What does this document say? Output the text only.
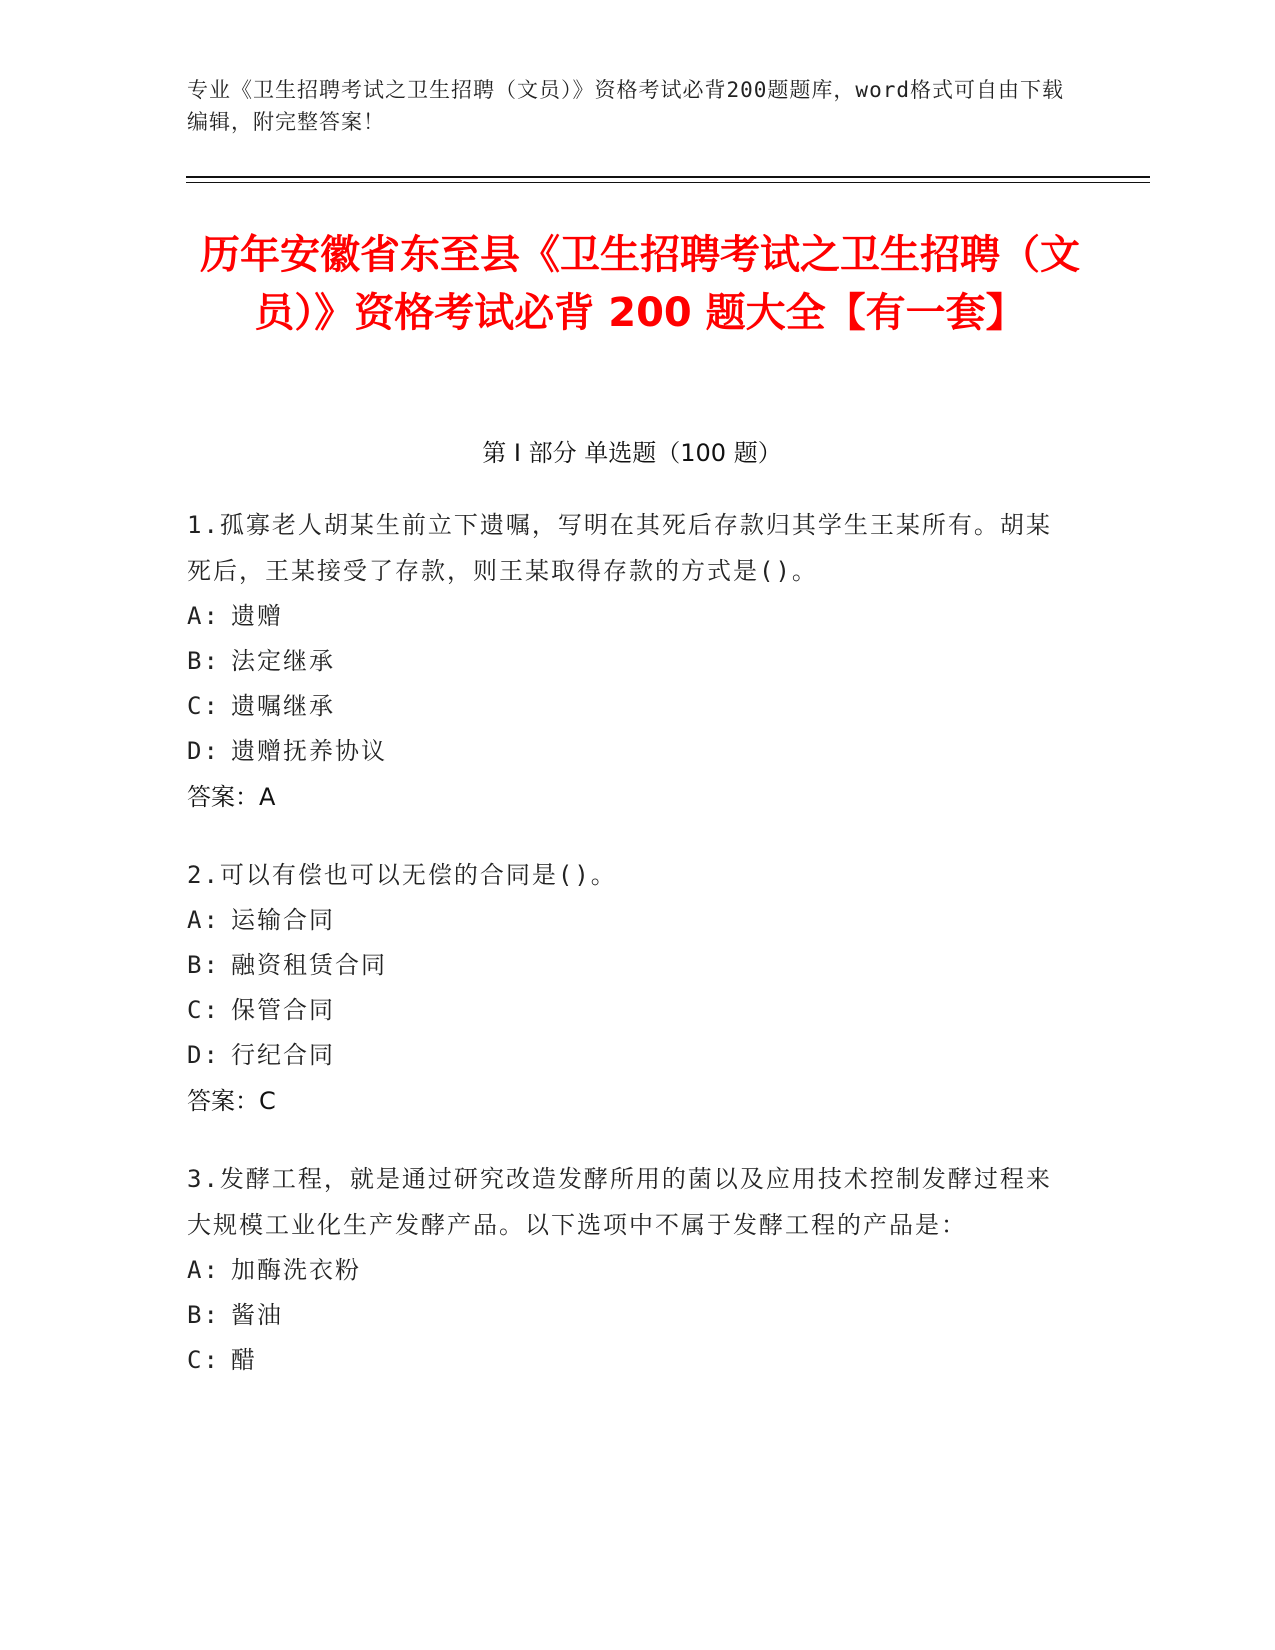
专业《卫生招聘考试之卫生招聘（文员）》资格考试必背200题题库，word格式可自由下载编辑，附完整答案！
历年安徽省东至县《卫生招聘考试之卫生招聘（文员）》资格考试必背 200 题大全【有一套】
第 I 部分 单选题（100 题）

1.孤寡老人胡某生前立下遗嘱，写明在其死后存款归其学生王某所有。胡某死后，王某接受了存款，则王某取得存款的方式是()。

A: 遗赠

B: 法定继承

C: 遗嘱继承

D: 遗赠抚养协议

答案：A

2.可以有偿也可以无偿的合同是()。

A: 运输合同

B: 融资租赁合同

C: 保管合同

D: 行纪合同

答案：C

3.发酵工程，就是通过研究改造发酵所用的菌以及应用技术控制发酵过程来大规模工业化生产发酵产品。以下选项中不属于发酵工程的产品是：

A: 加酶洗衣粉

B: 酱油

C: 醋
